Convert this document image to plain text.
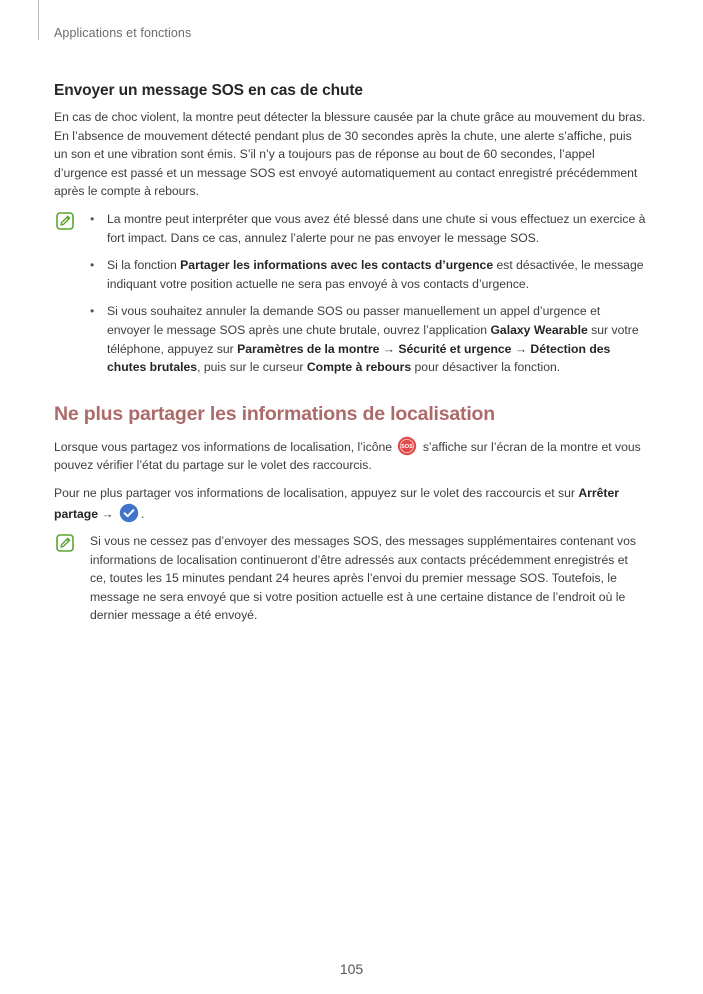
Applications et fonctions
Envoyer un message SOS en cas de chute

En cas de choc violent, la montre peut détecter la blessure causée par la chute grâce au mouvement du bras. En l’absence de mouvement détecté pendant plus de 30 secondes après la chute, une alerte s’affiche, puis un son et une vibration sont émis. S’il n’y a toujours pas de réponse au bout de 60 secondes, l’appel d’urgence est passé et un message SOS est envoyé automatiquement au contact enregistré précédemment après le compte à rebours.

• La montre peut interpréter que vous avez été blessé dans une chute si vous effectuez un exercice à fort impact. Dans ce cas, annulez l’alerte pour ne pas envoyer le message SOS.
• Si la fonction Partager les informations avec les contacts d’urgence est désactivée, le message indiquant votre position actuelle ne sera pas envoyé à vos contacts d’urgence.
• Si vous souhaitez annuler la demande SOS ou passer manuellement un appel d’urgence et envoyer le message SOS après une chute brutale, ouvrez l’application Galaxy Wearable sur votre téléphone, appuyez sur Paramètres de la montre → Sécurité et urgence → Détection des chutes brutales, puis sur le curseur Compte à rebours pour désactiver la fonction.
Ne plus partager les informations de localisation

Lorsque vous partagez vos informations de localisation, l’icône SOS s’affiche sur l’écran de la montre et vous pouvez vérifier l’état du partage sur le volet des raccourcis.

Pour ne plus partager vos informations de localisation, appuyez sur le volet des raccourcis et sur Arrêter partage → .

Si vous ne cessez pas d’envoyer des messages SOS, des messages supplémentaires contenant vos informations de localisation continueront d’être adressés aux contacts précédemment enregistrés et ce, toutes les 15 minutes pendant 24 heures après l’envoi du premier message SOS. Toutefois, le message ne sera envoyé que si votre position actuelle est à une certaine distance de l’endroit où le dernier message a été envoyé.

105
